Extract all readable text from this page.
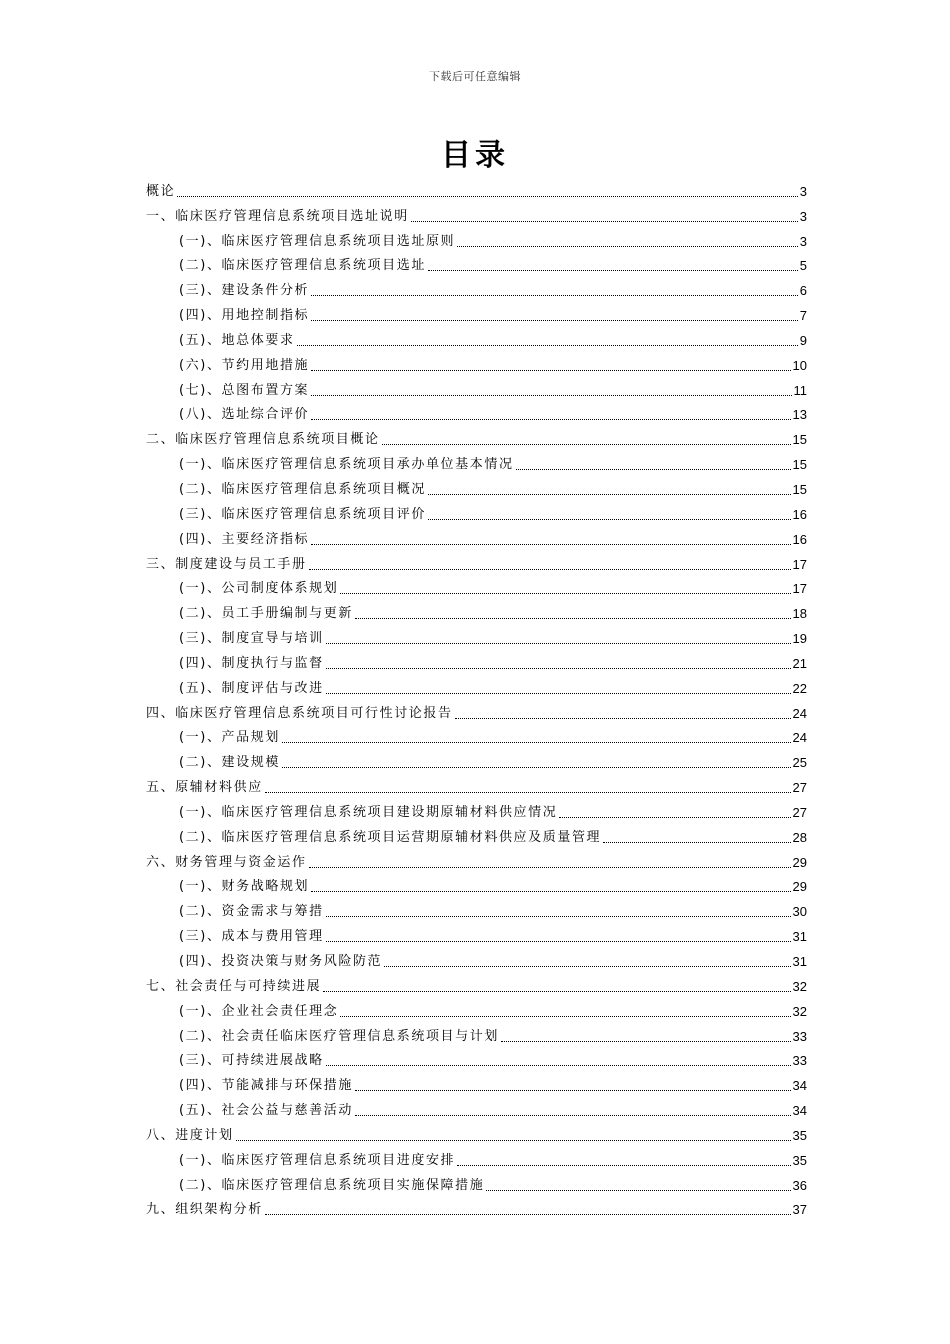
下载后可任意编辑
目录
概论	3
一、临床医疗管理信息系统项目选址说明	3
(一)、临床医疗管理信息系统项目选址原则	3
(二)、临床医疗管理信息系统项目选址	5
(三)、建设条件分析	6
(四)、用地控制指标	7
(五)、地总体要求	9
(六)、节约用地措施	10
(七)、总图布置方案	11
(八)、选址综合评价	13
二、临床医疗管理信息系统项目概论	15
(一)、临床医疗管理信息系统项目承办单位基本情况	15
(二)、临床医疗管理信息系统项目概况	15
(三)、临床医疗管理信息系统项目评价	16
(四)、主要经济指标	16
三、制度建设与员工手册	17
(一)、公司制度体系规划	17
(二)、员工手册编制与更新	18
(三)、制度宣导与培训	19
(四)、制度执行与监督	21
(五)、制度评估与改进	22
四、临床医疗管理信息系统项目可行性讨论报告	24
(一)、产品规划	24
(二)、建设规模	25
五、原辅材料供应	27
(一)、临床医疗管理信息系统项目建设期原辅材料供应情况	27
(二)、临床医疗管理信息系统项目运营期原辅材料供应及质量管理	28
六、财务管理与资金运作	29
(一)、财务战略规划	29
(二)、资金需求与筹措	30
(三)、成本与费用管理	31
(四)、投资决策与财务风险防范	31
七、社会责任与可持续进展	32
(一)、企业社会责任理念	32
(二)、社会责任临床医疗管理信息系统项目与计划	33
(三)、可持续进展战略	33
(四)、节能减排与环保措施	34
(五)、社会公益与慈善活动	34
八、进度计划	35
(一)、临床医疗管理信息系统项目进度安排	35
(二)、临床医疗管理信息系统项目实施保障措施	36
九、组织架构分析	37
